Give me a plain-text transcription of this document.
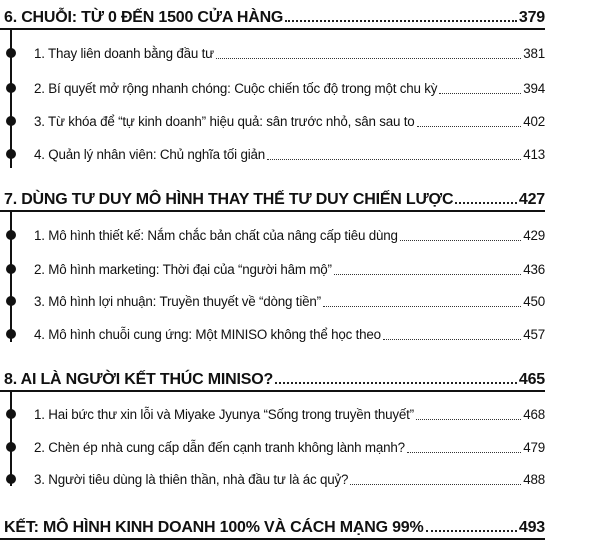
6. CHUỖI: TỪ 0 ĐẾN 1500 CỬA HÀNG	379
1. Thay liên doanh bằng đầu tư	381
2. Bí quyết mở rộng nhanh chóng: Cuộc chiến tốc độ trong một chu kỳ	394
3. Từ khóa để “tự kinh doanh” hiệu quả: sân trước nhỏ, sân sau to	402
4. Quản lý nhân viên: Chủ nghĩa tối giản	413
7. DÙNG TƯ DUY MÔ HÌNH THAY THẾ TƯ DUY CHIẾN LƯỢC	427
1. Mô hình thiết kế: Nắm chắc bản chất của nâng cấp tiêu dùng	429
2. Mô hình marketing: Thời đại của “người hâm mộ”	436
3. Mô hình lợi nhuận: Truyền thuyết về “dòng tiền”	450
4. Mô hình chuỗi cung ứng: Một MINISO không thể học theo	457
8. AI LÀ NGƯỜI KẾT THÚC MINISO?	465
1. Hai bức thư xin lỗi và Miyake Jyunya “Sống trong truyền thuyết”	468
2. Chèn ép nhà cung cấp dẫn đến cạnh tranh không lành mạnh?	479
3. Người tiêu dùng là thiên thần, nhà đầu tư là ác quỷ?	488
KẾT: MÔ HÌNH KINH DOANH 100% VÀ CÁCH MẠNG 99%	493
